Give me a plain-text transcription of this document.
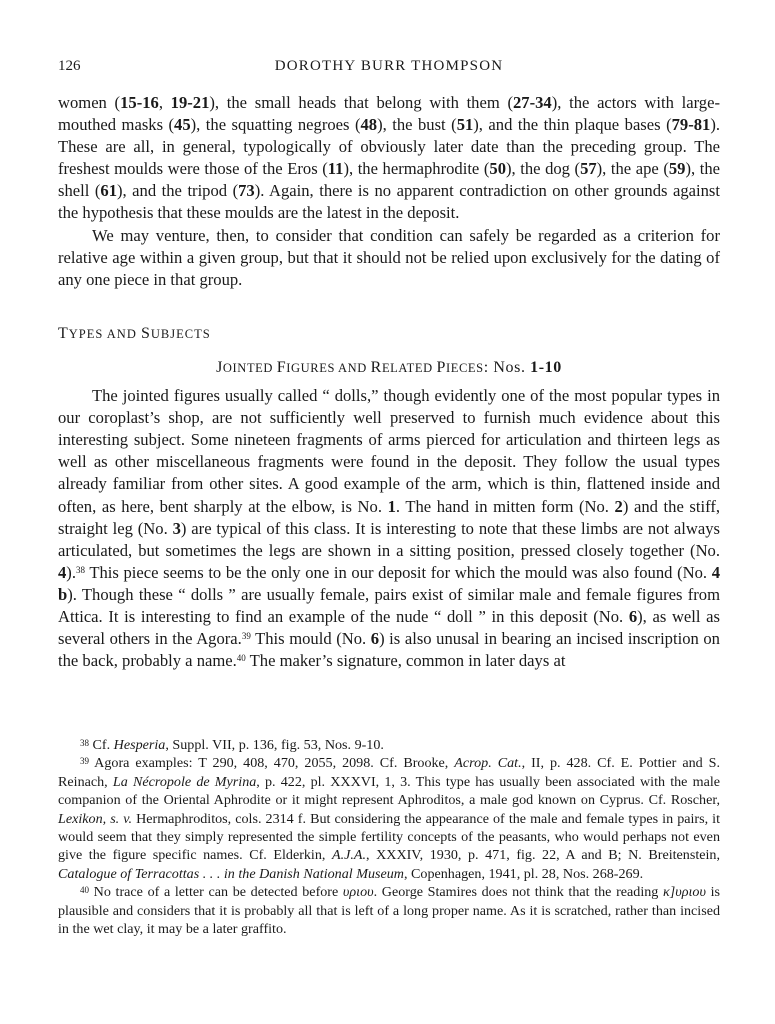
126	DOROTHY BURR THOMPSON

women (15-16, 19-21), the small heads that belong with them (27-34), the actors with large-mouthed masks (45), the squatting negroes (48), the bust (51), and the thin plaque bases (79-81). These are all, in general, typologically of obviously later date than the preceding group. The freshest moulds were those of the Eros (11), the hermaphrodite (50), the dog (57), the ape (59), the shell (61), and the tripod (73). Again, there is no apparent contradiction on other grounds against the hypothesis that these moulds are the latest in the deposit.

We may venture, then, to consider that condition can safely be regarded as a criterion for relative age within a given group, but that it should not be relied upon exclusively for the dating of any one piece in that group.

TYPES AND SUBJECTS

JOINTED FIGURES AND RELATED PIECES: Nos. 1-10

The jointed figures usually called “ dolls,” though evidently one of the most popular types in our coroplast’s shop, are not sufficiently well preserved to furnish much evidence about this interesting subject. Some nineteen fragments of arms pierced for articulation and thirteen legs as well as other miscellaneous fragments were found in the deposit. They follow the usual types already familiar from other sites. A good example of the arm, which is thin, flattened inside and often, as here, bent sharply at the elbow, is No. 1. The hand in mitten form (No. 2) and the stiff, straight leg (No. 3) are typical of this class. It is interesting to note that these limbs are not always articulated, but sometimes the legs are shown in a sitting position, pressed closely together (No. 4).$^{38}$ This piece seems to be the only one in our deposit for which the mould was also found (No. 4 b). Though these “ dolls ” are usually female, pairs exist of similar male and female figures from Attica. It is interesting to find an example of the nude “ doll ” in this deposit (No. 6), as well as several others in the Agora.$^{39}$ This mould (No. 6) is also unusal in bearing an incised inscription on the back, probably a name.$^{40}$ The maker’s signature, common in later days at

$^{38}$ Cf. Hesperia, Suppl. VII, p. 136, fig. 53, Nos. 9-10.

$^{39}$ Agora examples: T 290, 408, 470, 2055, 2098. Cf. Brooke, Acrop. Cat., II, p. 428. Cf. E. Pottier and S. Reinach, La Nécropole de Myrina, p. 422, pl. XXXVI, 1, 3. This type has usually been associated with the male companion of the Oriental Aphrodite or it might represent Aphroditos, a male god known on Cyprus. Cf. Roscher, Lexikon, s. v. Hermaphroditos, cols. 2314 f. But considering the appearance of the male and female types in pairs, it would seem that they simply represented the simple fertility concepts of the peasants, who would perhaps not even give the figure specific names. Cf. Elderkin, A.J.A., XXXIV, 1930, p. 471, fig. 22, A and B; N. Breitenstein, Catalogue of Terracottas . . . in the Danish National Museum, Copenhagen, 1941, pl. 28, Nos. 268-269.

$^{40}$ No trace of a letter can be detected before υριου. George Stamires does not think that the reading κ]υριου is plausible and considers that it is probably all that is left of a long proper name. As it is scratched, rather than incised in the wet clay, it may be a later graffito.
